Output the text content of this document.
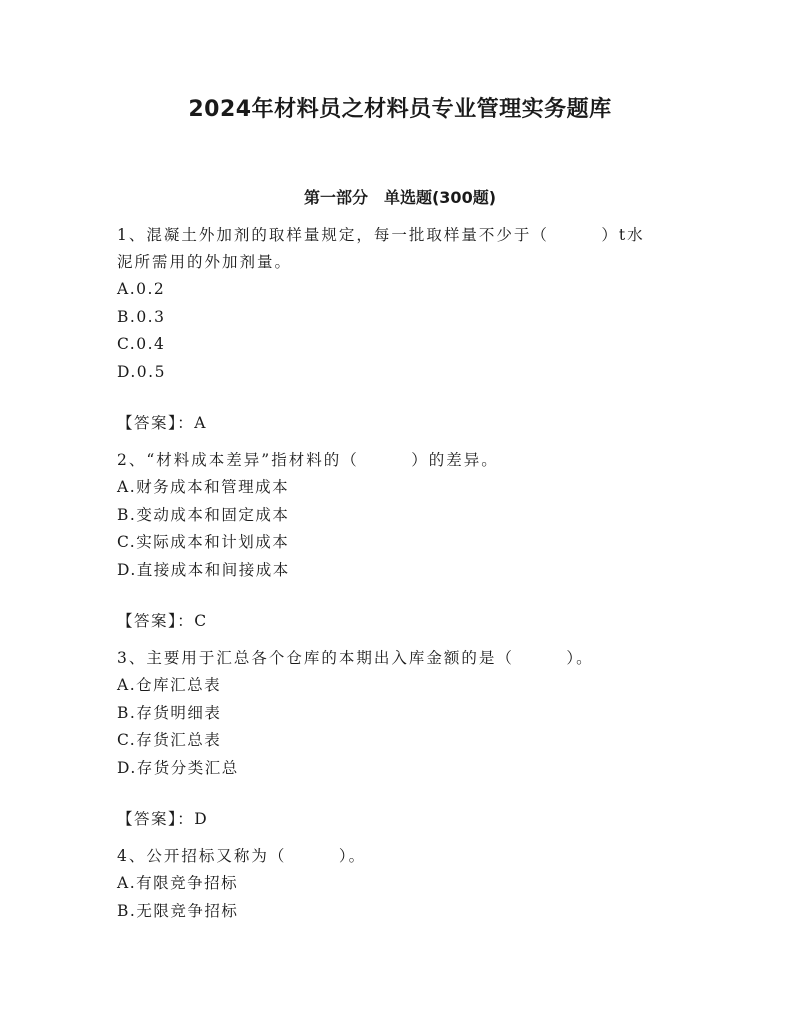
2024年材料员之材料员专业管理实务题库
第一部分　单选题(300题)

1、混凝土外加剂的取样量规定，每一批取样量不少于（　　　）t水

泥所需用的外加剂量。

A.0.2

B.0.3

C.0.4

D.0.5

【答案】：A

2、“材料成本差异”指材料的（　　　）的差异。

A.财务成本和管理成本

B.变动成本和固定成本

C.实际成本和计划成本

D.直接成本和间接成本

【答案】：C

3、主要用于汇总各个仓库的本期出入库金额的是（　　　）。

A.仓库汇总表

B.存货明细表

C.存货汇总表

D.存货分类汇总

【答案】：D

4、公开招标又称为（　　　）。

A.有限竞争招标

B.无限竞争招标
